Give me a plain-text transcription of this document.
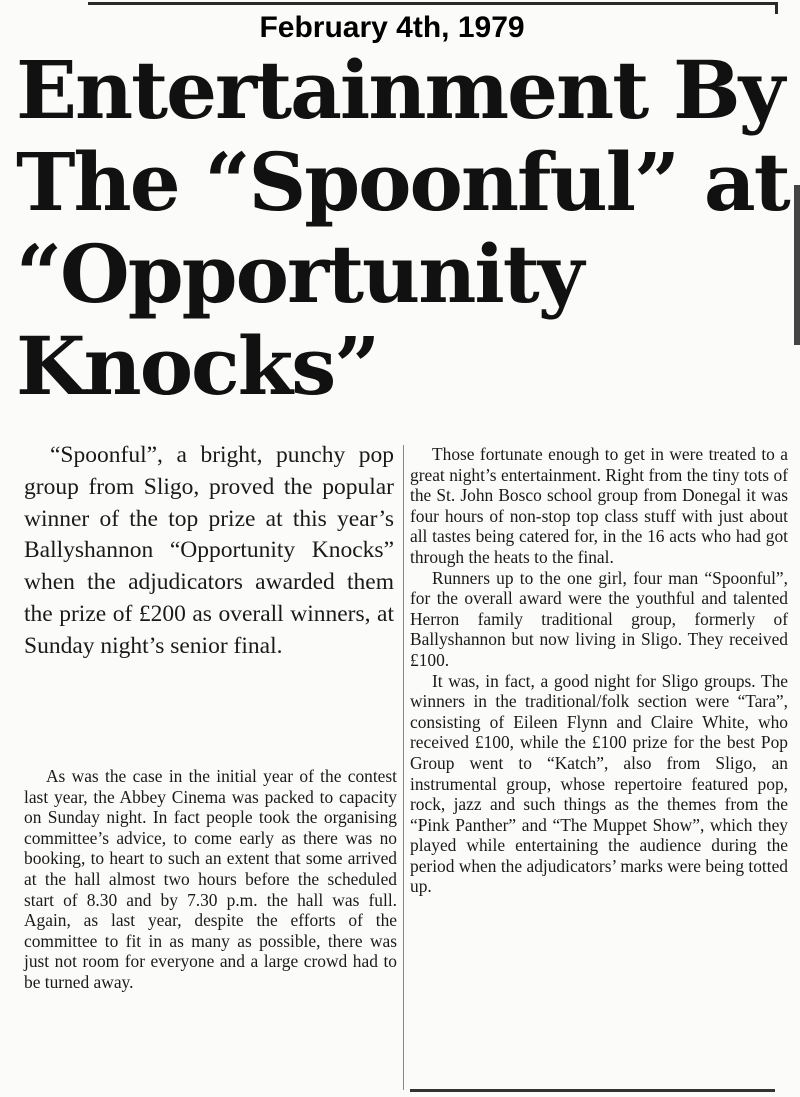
February 4th, 1979
Entertainment By The “Spoonful” at “Opportunity Knocks”

“Spoonful”, a bright, punchy pop group from Sligo, proved the popular winner of the top prize at this year’s Ballyshannon “Opportunity Knocks” when the adjudicators awarded them the prize of £200 as overall winners, at Sunday night’s senior final.

As was the case in the initial year of the contest last year, the Abbey Cinema was packed to capacity on Sunday night. In fact people took the organising committee’s advice, to come early as there was no booking, to heart to such an extent that some arrived at the hall almost two hours before the scheduled start of 8.30 and by 7.30 p.m. the hall was full. Again, as last year, despite the efforts of the committee to fit in as many as possible, there was just not room for everyone and a large crowd had to be turned away.

Those fortunate enough to get in were treated to a great night’s entertainment. Right from the tiny tots of the St. John Bosco school group from Donegal it was four hours of non-stop top class stuff with just about all tastes being catered for, in the 16 acts who had got through the heats to the final.

Runners up to the one girl, four man “Spoonful”, for the overall award were the youthful and talented Herron family traditional group, formerly of Ballyshannon but now living in Sligo. They received £100.

It was, in fact, a good night for Sligo groups. The winners in the traditional/folk section were “Tara”, consisting of Eileen Flynn and Claire White, who received £100, while the £100 prize for the best Pop Group went to “Katch”, also from Sligo, an instrumental group, whose repertoire featured pop, rock, jazz and such things as the themes from the “Pink Panther” and “The Muppet Show”, which they played while entertaining the audience during the period when the adjudicators’ marks were being totted up.
